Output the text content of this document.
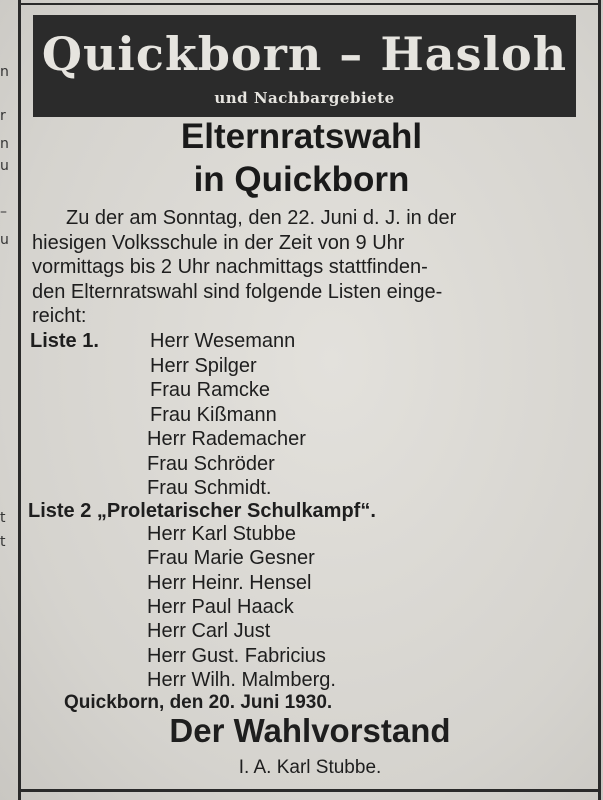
n
r
n
u
–
u
t
t
Quickborn – Hasloh
und Nachbargebiete
Elternratswahl
in Quickborn
Zu der am Sonntag, den 22. Juni d. J. in der
hiesigen Volksschule in der Zeit von 9 Uhr
vormittags bis 2 Uhr nachmittags stattfinden-
den Elternratswahl sind folgende Listen einge-
reicht:
Liste 1.	Herr Wesemann
Herr Spilger
Frau Ramcke
Frau Kißmann
Herr Rademacher
Frau Schröder
Frau Schmidt.
Liste 2 „Proletarischer Schulkampf“.
Herr Karl Stubbe
Frau Marie Gesner
Herr Heinr. Hensel
Herr Paul Haack
Herr Carl Just
Herr Gust. Fabricius
Herr Wilh. Malmberg.
Quickborn, den 20. Juni 1930.
Der Wahlvorstand
I. A. Karl Stubbe.
